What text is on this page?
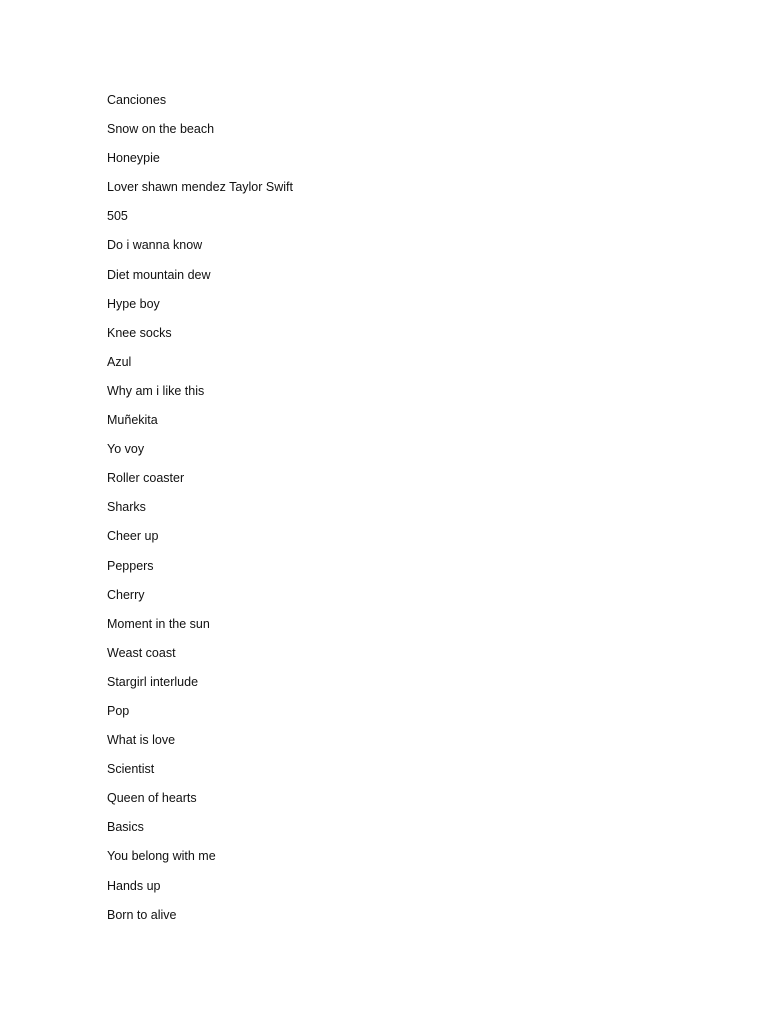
Canciones
Snow on the beach
Honeypie
Lover shawn mendez Taylor Swift
505
Do i wanna know
Diet mountain dew
Hype boy
Knee socks
Azul
Why am i like this
Muñekita
Yo voy
Roller coaster
Sharks
Cheer up
Peppers
Cherry
Moment in the sun
Weast coast
Stargirl interlude
Pop
What is love
Scientist
Queen of hearts
Basics
You belong with me
Hands up
Born to alive
